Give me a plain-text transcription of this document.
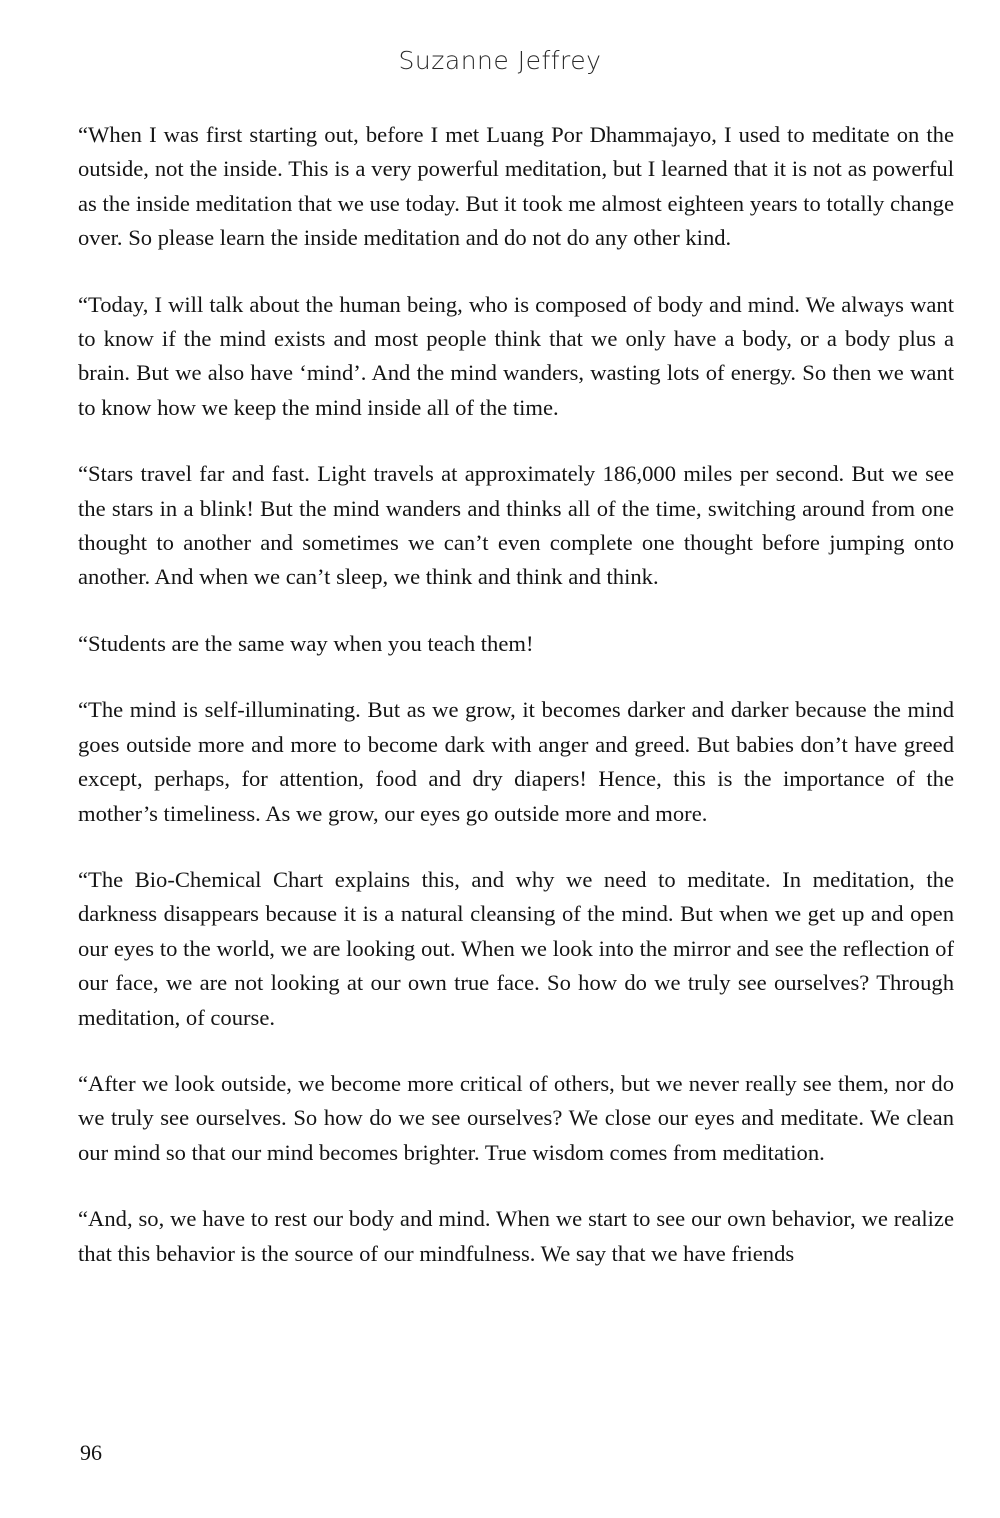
Suzanne Jeffrey

“When I was first starting out, before I met Luang Por Dhammajayo, I used to meditate on the outside, not the inside. This is a very powerful meditation, but I learned that it is not as powerful as the inside meditation that we use today. But it took me almost eighteen years to totally change over. So please learn the inside meditation and do not do any other kind.

“Today, I will talk about the human being, who is composed of body and mind. We always want to know if the mind exists and most people think that we only have a body, or a body plus a brain. But we also have ‘mind’. And the mind wanders, wasting lots of energy. So then we want to know how we keep the mind inside all of the time.

“Stars travel far and fast. Light travels at approximately 186,000 miles per second. But we see the stars in a blink! But the mind wanders and thinks all of the time, switching around from one thought to another and sometimes we can’t even complete one thought before jumping onto another. And when we can’t sleep, we think and think and think.

“Students are the same way when you teach them!

“The mind is self-illuminating. But as we grow, it becomes darker and darker because the mind goes outside more and more to become dark with anger and greed. But babies don’t have greed except, perhaps, for attention, food and dry diapers! Hence, this is the importance of the mother’s timeliness. As we grow, our eyes go outside more and more.

“The Bio-Chemical Chart explains this, and why we need to meditate. In meditation, the darkness disappears because it is a natural cleansing of the mind. But when we get up and open our eyes to the world, we are looking out. When we look into the mirror and see the reflection of our face, we are not looking at our own true face. So how do we truly see ourselves? Through meditation, of course.

“After we look outside, we become more critical of others, but we never really see them, nor do we truly see ourselves. So how do we see ourselves? We close our eyes and meditate. We clean our mind so that our mind becomes brighter. True wisdom comes from meditation.

“And, so, we have to rest our body and mind. When we start to see our own behavior, we realize that this behavior is the source of our mindfulness. We say that we have friends

96
